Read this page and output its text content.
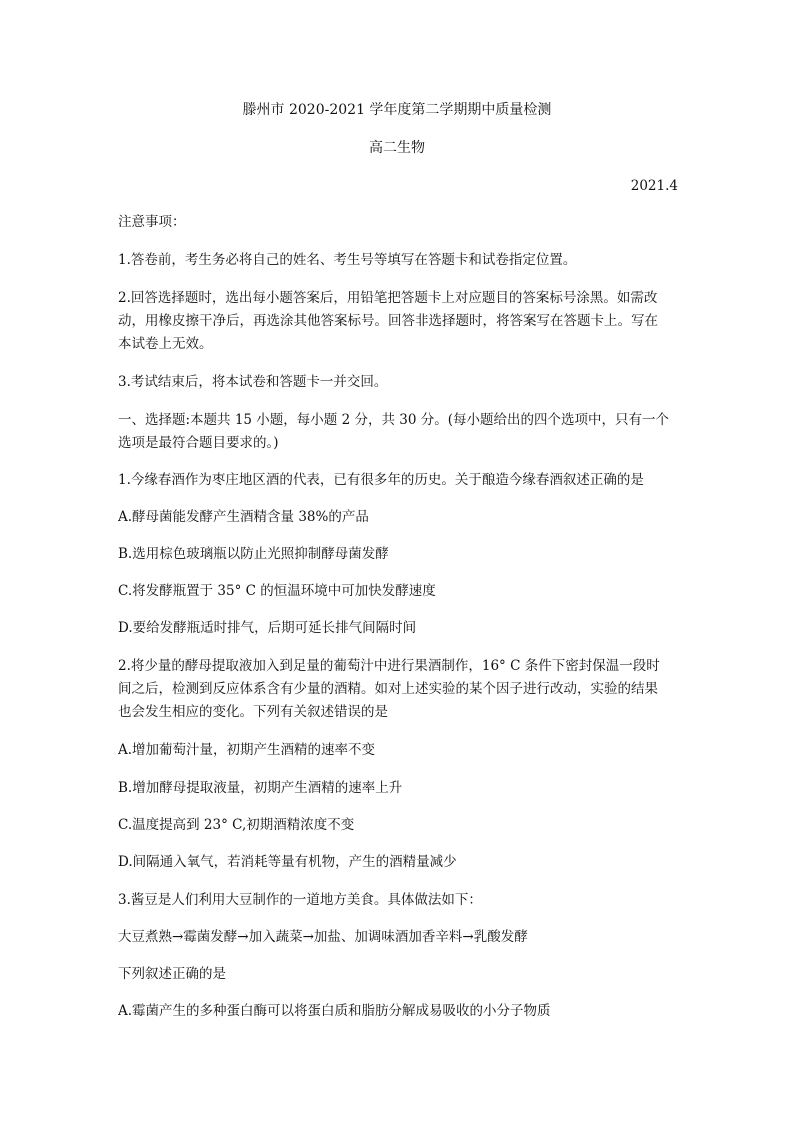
滕州市 2020-2021 学年度第二学期期中质量检测
高二生物
2021.4
注意事项：
1.答卷前，考生务必将自己的姓名、考生号等填写在答题卡和试卷指定位置。
2.回答选择题时，选出每小题答案后，用铅笔把答题卡上对应题目的答案标号涂黑。如需改
动，用橡皮擦干净后，再选涂其他答案标号。回答非选择题时，将答案写在答题卡上。写在
本试卷上无效。
3.考试结束后，将本试卷和答题卡一并交回。
一、选择题:本题共 15 小题，每小题 2 分，共 30 分。(每小题给出的四个选项中，只有一个
选项是最符合题目要求的。)
1.今缘春酒作为枣庄地区酒的代表，已有很多年的历史。关于酿造今缘春酒叙述正确的是
A.酵母菌能发酵产生酒精含量 38%的产品
B.选用棕色玻璃瓶以防止光照抑制酵母菌发酵
C.将发酵瓶置于 35° C 的恒温环境中可加快发酵速度
D.要给发酵瓶适时排气，后期可延长排气间隔时间
2.将少量的酵母提取液加入到足量的葡萄汁中进行果酒制作，16° C 条件下密封保温一段时
间之后，检测到反应体系含有少量的酒精。如对上述实验的某个因子进行改动，实验的结果
也会发生相应的变化。下列有关叙述错误的是
A.增加葡萄汁量，初期产生酒精的速率不变
B.增加酵母提取液量，初期产生酒精的速率上升
C.温度提高到 23° C,初期酒精浓度不变
D.间隔通入氧气，若消耗等量有机物，产生的酒精量减少
3.酱豆是人们利用大豆制作的一道地方美食。具体做法如下：
大豆煮熟→霉菌发酵→加入蔬菜→加盐、加调味酒加香辛料→乳酸发酵
下列叙述正确的是
A.霉菌产生的多种蛋白酶可以将蛋白质和脂肪分解成易吸收的小分子物质
